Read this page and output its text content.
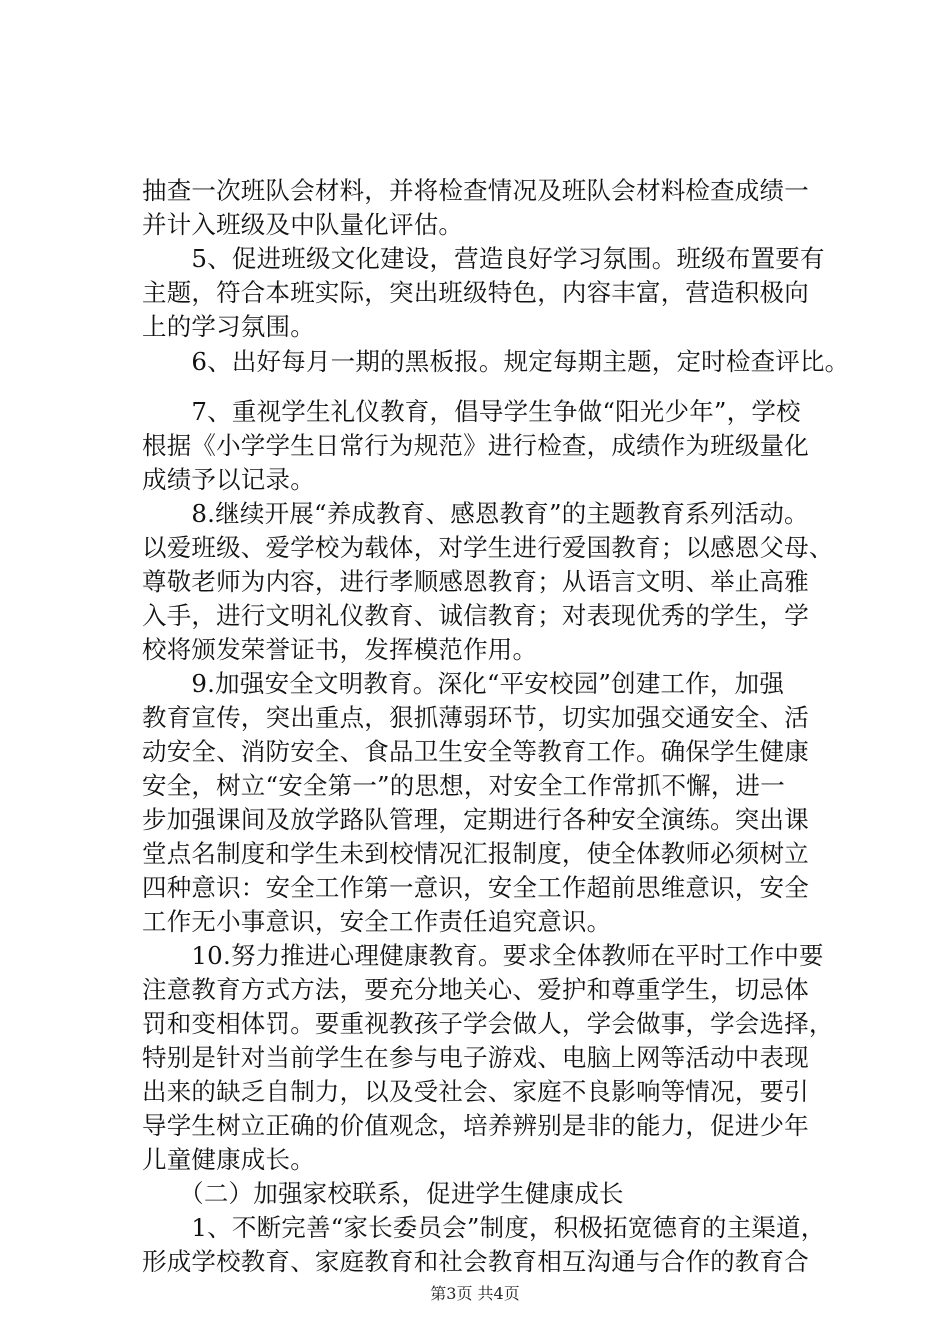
抽查一次班队会材料，并将检查情况及班队会材料检查成绩一
并计入班级及中队量化评估。
　　5、促进班级文化建设，营造良好学习氛围。班级布置要有
主题，符合本班实际，突出班级特色，内容丰富，营造积极向
上的学习氛围。
　　6、出好每月一期的黑板报。规定每期主题，定时检查评比。
　　7、重视学生礼仪教育，倡导学生争做“阳光少年”，学校
根据《小学学生日常行为规范》进行检查，成绩作为班级量化
成绩予以记录。
　　8.继续开展“养成教育、感恩教育”的主题教育系列活动。
以爱班级、爱学校为载体，对学生进行爱国教育；以感恩父母、
尊敬老师为内容，进行孝顺感恩教育；从语言文明、举止高雅
入手，进行文明礼仪教育、诚信教育；对表现优秀的学生，学
校将颁发荣誉证书，发挥模范作用。
　　9.加强安全文明教育。深化“平安校园”创建工作，加强
教育宣传，突出重点，狠抓薄弱环节，切实加强交通安全、活
动安全、消防安全、食品卫生安全等教育工作。确保学生健康
安全，树立“安全第一”的思想，对安全工作常抓不懈，进一
步加强课间及放学路队管理，定期进行各种安全演练。突出课
堂点名制度和学生未到校情况汇报制度，使全体教师必须树立
四种意识：安全工作第一意识，安全工作超前思维意识，安全
工作无小事意识，安全工作责任追究意识。
　　10.努力推进心理健康教育。要求全体教师在平时工作中要
注意教育方式方法，要充分地关心、爱护和尊重学生，切忌体
罚和变相体罚。要重视教孩子学会做人，学会做事，学会选择，
特别是针对当前学生在参与电子游戏、电脑上网等活动中表现
出来的缺乏自制力，以及受社会、家庭不良影响等情况，要引
导学生树立正确的价值观念，培养辨别是非的能力，促进少年
儿童健康成长。
　　（二）加强家校联系，促进学生健康成长
　　1、不断完善“家长委员会”制度，积极拓宽德育的主渠道，
形成学校教育、家庭教育和社会教育相互沟通与合作的教育合
第3页 共4页
